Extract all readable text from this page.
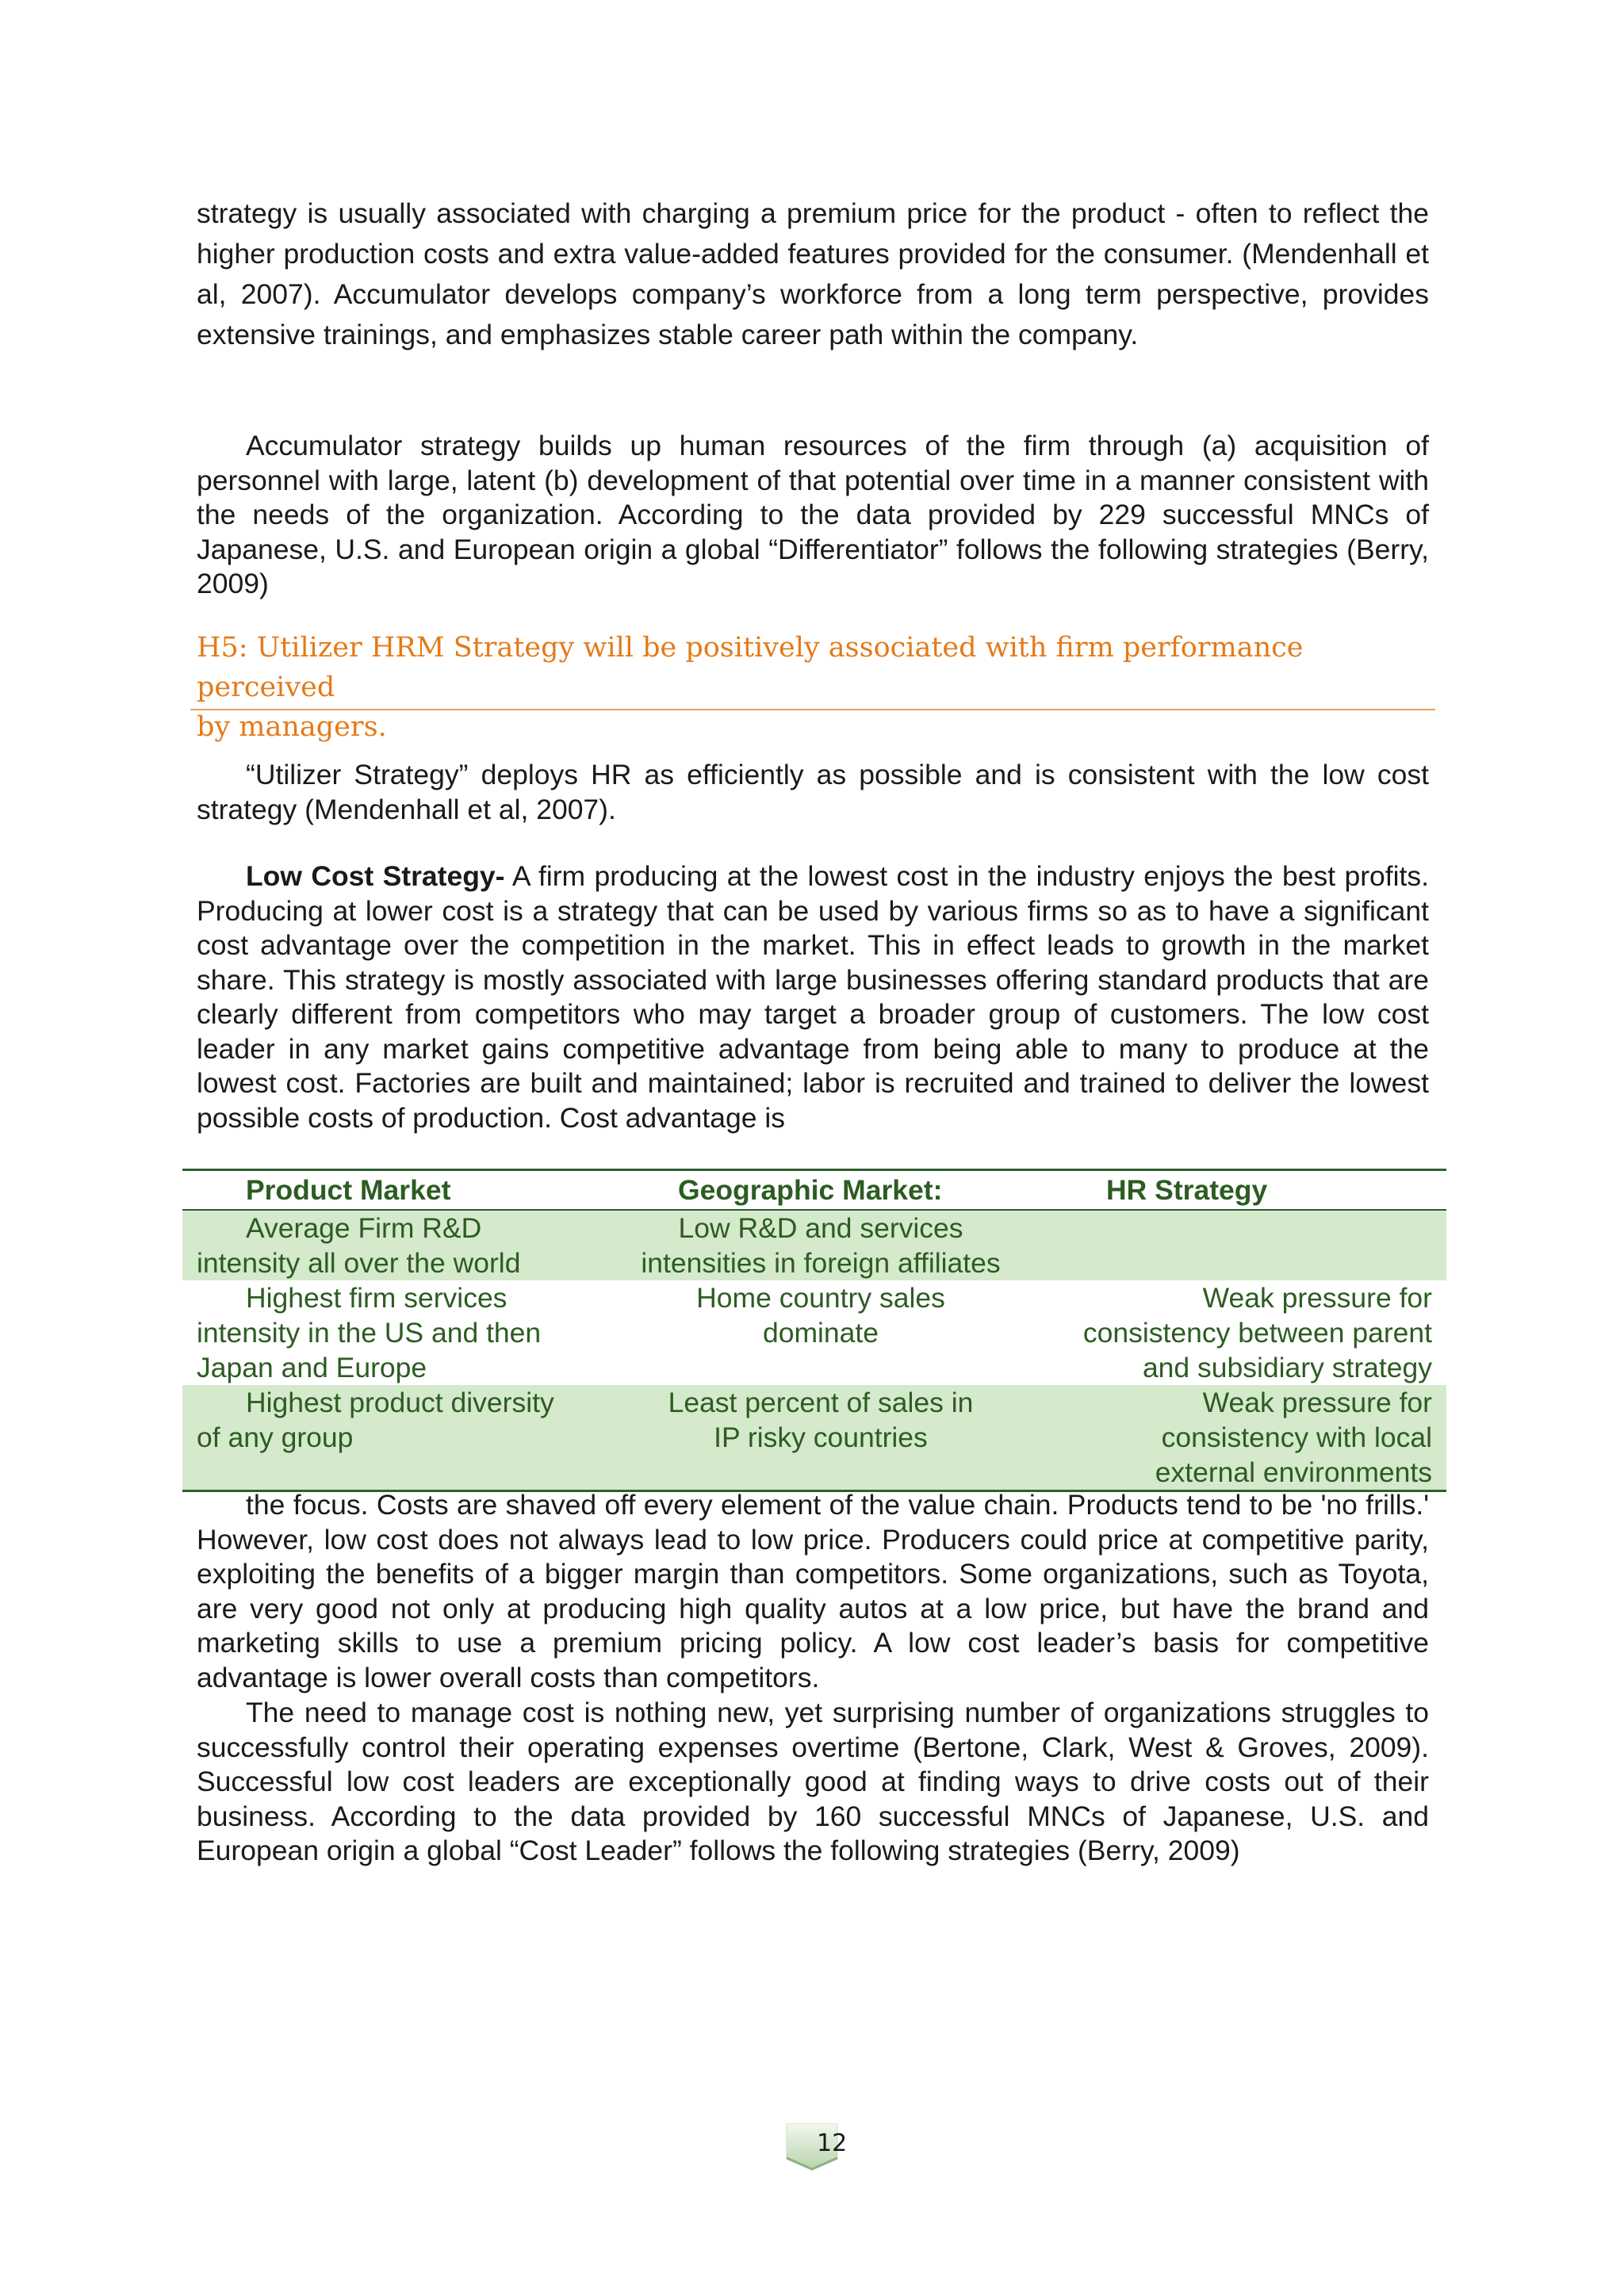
strategy is usually associated with charging a premium price for the product - often to reflect the higher production costs and extra value-added features provided for the consumer. (Mendenhall et al, 2007). Accumulator develops company’s workforce from a long term perspective, provides extensive trainings, and emphasizes stable career path within the company.

Accumulator strategy builds up human resources of the firm through (a) acquisition of personnel with large, latent (b) development of that potential over time in a manner consistent with the needs of the organization. According to the data provided by 229 successful MNCs of Japanese, U.S. and European origin a global “Differentiator” follows the following strategies (Berry, 2009)

H5: Utilizer HRM Strategy will be positively associated with firm performance perceived
by managers.

“Utilizer Strategy” deploys HR as efficiently as possible and is consistent with the low cost strategy (Mendenhall et al, 2007).

Low Cost Strategy- A firm producing at the lowest cost in the industry enjoys the best profits. Producing at lower cost is a strategy that can be used by various firms so as to have a significant cost advantage over the competition in the market. This in effect leads to growth in the market share. This strategy is mostly associated with large businesses offering standard products that are clearly different from competitors who may target a broader group of customers. The low cost leader in any market gains competitive advantage from being able to many to produce at the lowest cost. Factories are built and maintained; labor is recruited and trained to deliver the lowest possible costs of production. Cost advantage is

Product Market	Geographic Market:	HR Strategy
Average Firm R&D
intensity all over the world
Low R&D and services
intensities in foreign affiliates
Highest firm services
intensity in the US and then
Japan and Europe
Home country sales
dominate
Weak pressure for
consistency between parent
and subsidiary strategy
Highest product diversity
of any group
Least percent of sales in
IP risky countries
Weak pressure for
consistency with local
external environments

the focus. Costs are shaved off every element of the value chain. Products tend to be 'no frills.' However, low cost does not always lead to low price. Producers could price at competitive parity, exploiting the benefits of a bigger margin than competitors. Some organizations, such as Toyota, are very good not only at producing high quality autos at a low price, but have the brand and marketing skills to use a premium pricing policy. A low cost leader’s basis for competitive advantage is lower overall costs than competitors.

The need to manage cost is nothing new, yet surprising number of organizations struggles to successfully control their operating expenses overtime (Bertone, Clark, West & Groves, 2009). Successful low cost leaders are exceptionally good at finding ways to drive costs out of their business. According to the data provided by 160 successful MNCs of Japanese, U.S. and European origin a global “Cost Leader” follows the following strategies (Berry, 2009)

12
